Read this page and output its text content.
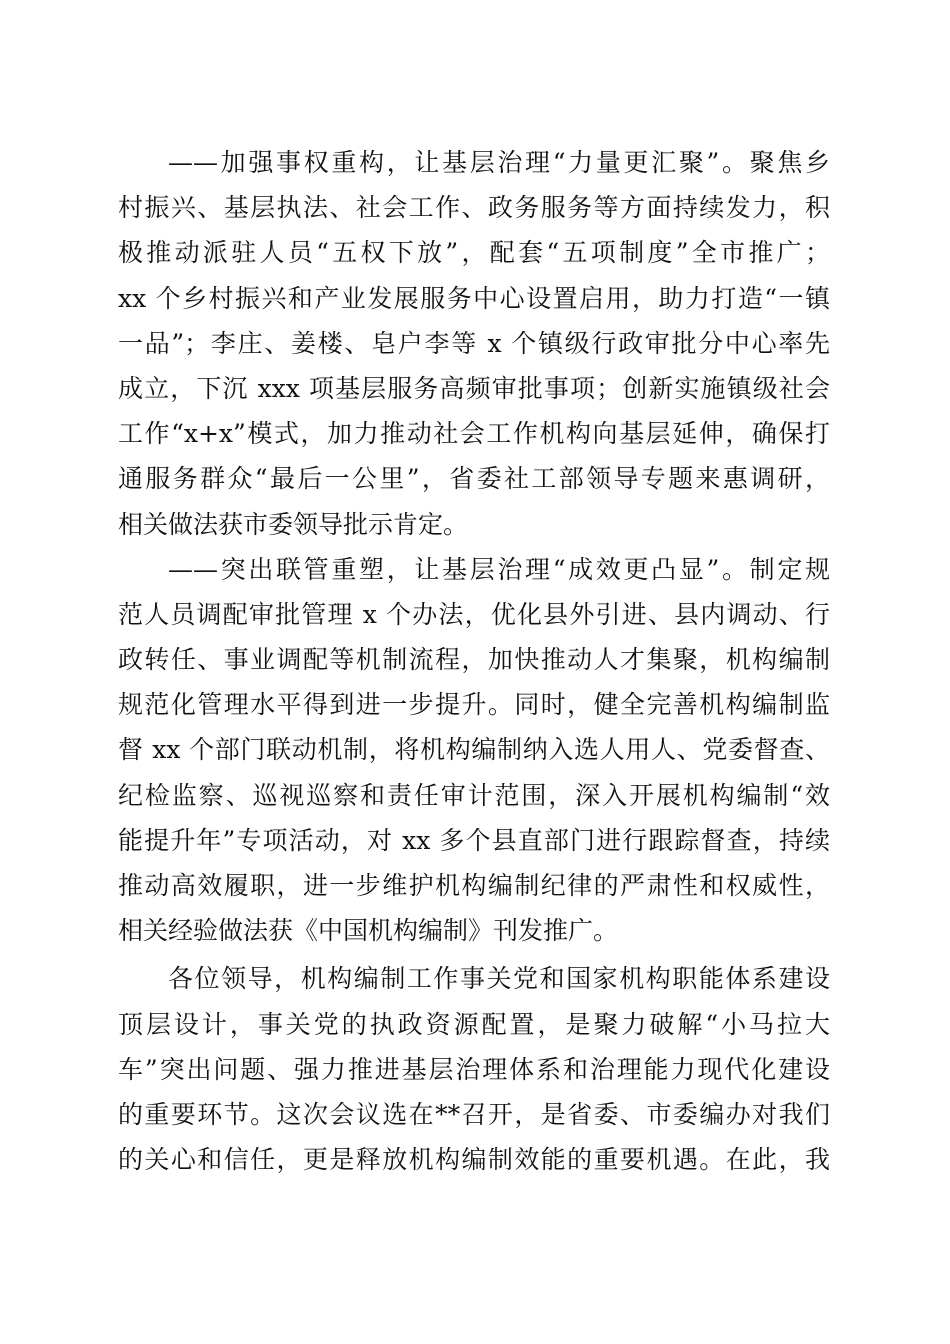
——加强事权重构，让基层治理“力量更汇聚”。聚焦乡
村振兴、基层执法、社会工作、政务服务等方面持续发力，积
极推动派驻人员“五权下放”，配套“五项制度”全市推广；
xx 个乡村振兴和产业发展服务中心设置启用，助力打造“一镇
一品”；李庄、姜楼、皂户李等 x 个镇级行政审批分中心率先
成立，下沉 xxx 项基层服务高频审批事项；创新实施镇级社会
工作“x+x”模式，加力推动社会工作机构向基层延伸，确保打
通服务群众“最后一公里”，省委社工部领导专题来惠调研，
相关做法获市委领导批示肯定。
——突出联管重塑，让基层治理“成效更凸显”。制定规
范人员调配审批管理 x 个办法，优化县外引进、县内调动、行
政转任、事业调配等机制流程，加快推动人才集聚，机构编制
规范化管理水平得到进一步提升。同时，健全完善机构编制监
督 xx 个部门联动机制，将机构编制纳入选人用人、党委督查、
纪检监察、巡视巡察和责任审计范围，深入开展机构编制“效
能提升年”专项活动，对 xx 多个县直部门进行跟踪督查，持续
推动高效履职，进一步维护机构编制纪律的严肃性和权威性，
相关经验做法获《中国机构编制》刊发推广。
各位领导，机构编制工作事关党和国家机构职能体系建设
顶层设计，事关党的执政资源配置，是聚力破解“小马拉大
车”突出问题、强力推进基层治理体系和治理能力现代化建设
的重要环节。这次会议选在**召开，是省委、市委编办对我们
的关心和信任，更是释放机构编制效能的重要机遇。在此，我
